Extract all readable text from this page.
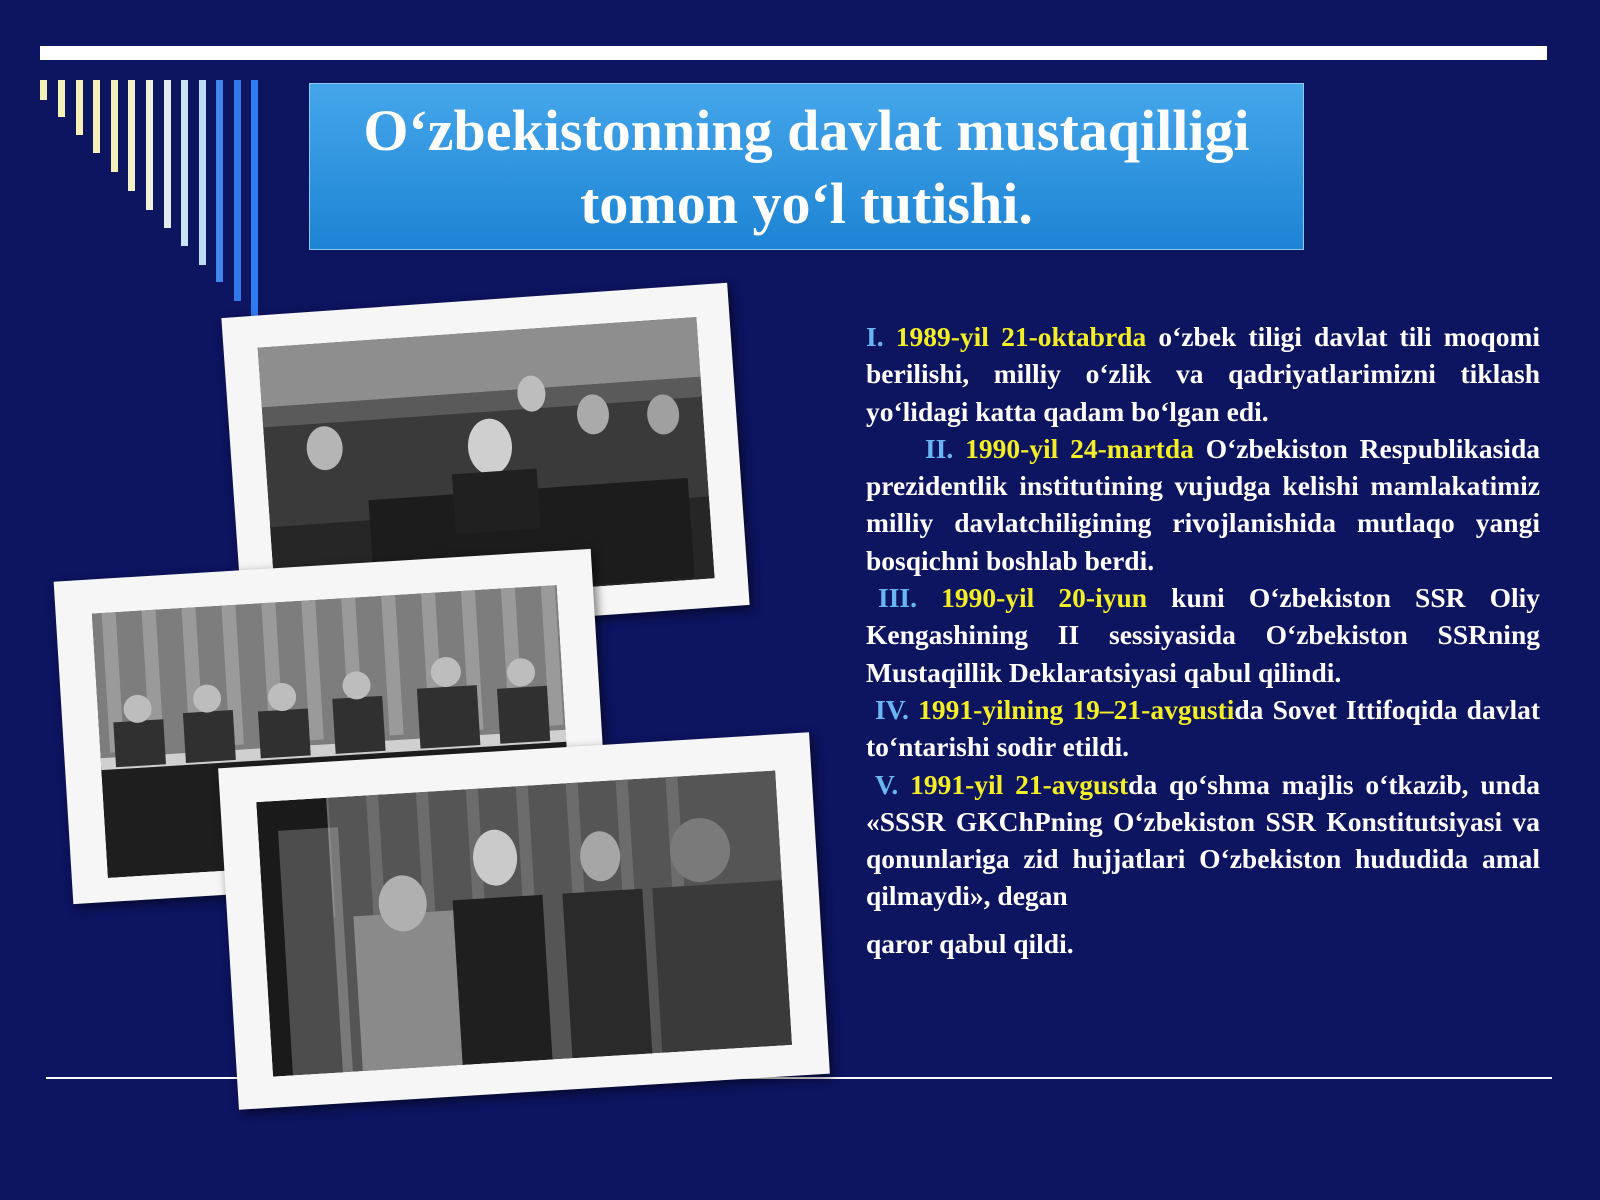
O‘zbekistonning davlat mustaqilligi
tomon yo‘l tutishi.

I. 1989-yil 21-oktabrda o‘zbek tiligi davlat tili moqomi berilishi, milliy o‘zlik va qadriyatlarimizni tiklash yo‘lidagi katta qadam bo‘lgan edi.

II. 1990-yil 24-martda O‘zbekiston Respublikasida prezidentlik institutining vujudga kelishi mamlakatimiz milliy davlatchiligining rivojlanishida mutlaqo yangi bosqichni boshlab berdi.

III. 1990-yil 20-iyun kuni O‘zbekiston SSR Oliy Kengashining II sessiyasida O‘zbekiston SSRning Mustaqillik Deklaratsiyasi qabul qilindi.

IV. 1991-yilning 19–21-avgustida Sovet Ittifoqida davlat to‘ntarishi sodir etildi.

V. 1991-yil 21-avgustda qo‘shma majlis o‘tkazib, unda «SSSR GKChPning O‘zbekiston SSR Konstitutsiyasi va qonunlariga zid hujjatlari O‘zbekiston hududida amal qilmaydi», degan

qaror qabul qildi.
